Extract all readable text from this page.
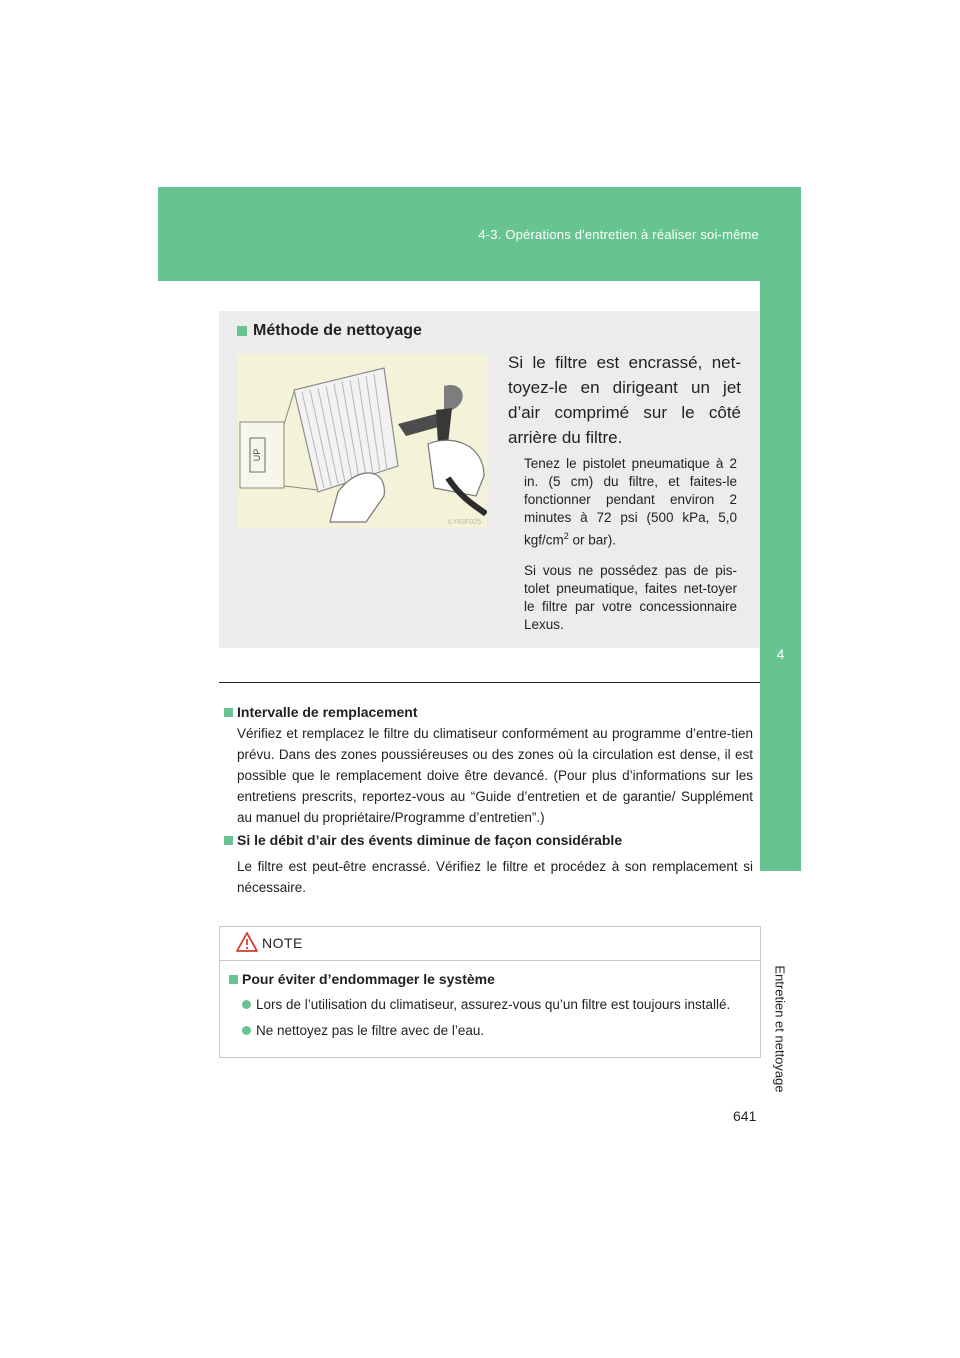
4-3. Opérations d'entretien à réaliser soi-même
4
Entretien et nettoyage
Méthode de nettoyage
UP
ILY43F025
Si le filtre est encrassé, net-toyez-le en dirigeant un jet d’air comprimé sur le côté arrière du filtre.
Tenez le pistolet pneumatique à 2 in. (5 cm) du filtre, et faites-le fonctionner pendant environ 2 minutes à 72 psi (500 kPa, 5,0 kgf/$cm^2$ or bar).
Si vous ne possédez pas de pis-tolet pneumatique, faites net-toyer le filtre par votre concessionnaire Lexus.
Intervalle de remplacement
Vérifiez et remplacez le filtre du climatiseur conformément au programme d’entre-tien prévu. Dans des zones poussiéreuses ou des zones où la circulation est dense, il est possible que le remplacement doive être devancé. (Pour plus d’informations sur les entretiens prescrits, reportez-vous au “Guide d’entretien et de garantie/ Supplément au manuel du propriétaire/Programme d’entretien”.)
Si le débit d’air des évents diminue de façon considérable
Le filtre est peut-être encrassé. Vérifiez le filtre et procédez à son remplacement si nécessaire.
NOTE
Pour éviter d’endommager le système
Lors de l’utilisation du climatiseur, assurez-vous qu’un filtre est toujours installé.
Ne nettoyez pas le filtre avec de l’eau.
641
